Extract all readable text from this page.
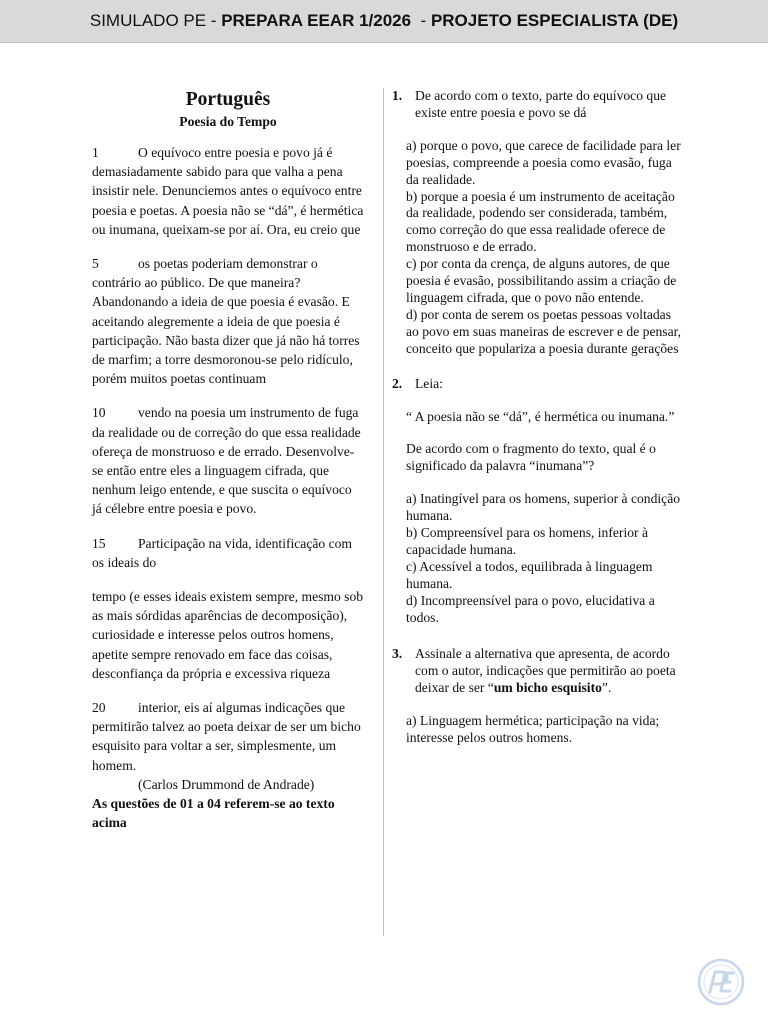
SIMULADO PE - PREPARA EEAR 1/2026  - PROJETO ESPECIALISTA (DE)
Português
Poesia do Tempo

1	O equívoco entre poesia e povo já é demasiadamente sabido para que valha a pena insistir nele. Denunciemos antes o equívoco entre poesia e poetas. A poesia não se “dá”, é hermética ou inumana, queixam-se por aí. Ora, eu creio que

5	os poetas poderiam demonstrar o contrário ao público. De que maneira? Abandonando a ideia de que poesia é evasão. E aceitando alegremente a ideia de que poesia é participação. Não basta dizer que já não há torres de marfim; a torre desmoronou-se pelo ridículo, porém muitos poetas continuam

10 vendo na poesia um instrumento de fuga da realidade ou de correção do que essa realidade ofereça de monstruoso e de errado. Desenvolve-se então entre eles a linguagem cifrada, que nenhum leigo entende, e que suscita o equívoco já célebre entre poesia e povo.

15 Participação na vida, identificação com os ideais do

tempo (e esses ideais existem sempre, mesmo sob as mais sórdidas aparências de decomposição), curiosidade e interesse pelos outros homens, apetite sempre renovado em face das coisas, desconfiança da própria e excessiva riqueza

20 interior, eis aí algumas indicações que permitirão talvez ao poeta deixar de ser um bicho esquisito para voltar a ser, simplesmente, um homem.

(Carlos Drummond de Andrade)
As questões de 01 a 04 referem-se ao texto acima
1. De acordo com o texto, parte do equívoco que existe entre poesia e povo se dá

a) porque o povo, que carece de facilidade para ler poesias, compreende a poesia como evasão, fuga da realidade.

b) porque a poesia é um instrumento de aceitação da realidade, podendo ser considerada, também, como correção do que essa realidade oferece de monstruoso e de errado.

c) por conta da crença, de alguns autores, de que poesia é evasão, possibilitando assim a criação de linguagem cifrada, que o povo não entende.

d) por conta de serem os poetas pessoas voltadas ao povo em suas maneiras de escrever e de pensar, conceito que populariza a poesia durante gerações

2. Leia:
“ A poesia não se “dá”, é hermética ou inumana.”
De acordo com o fragmento do texto, qual é o significado da palavra “inumana”?

a) Inatingível para os homens, superior à condição humana.

b) Compreensível para os homens, inferior à capacidade humana.

c) Acessível a todos, equilibrada à linguagem humana.

d) Incompreensível para o povo, elucidativa a todos.

3. Assinale a alternativa que apresenta, de acordo com o autor, indicações que permitirão ao poeta deixar de ser “um bicho esquisito”.

a) Linguagem hermética; participação na vida; interesse pelos outros homens.
